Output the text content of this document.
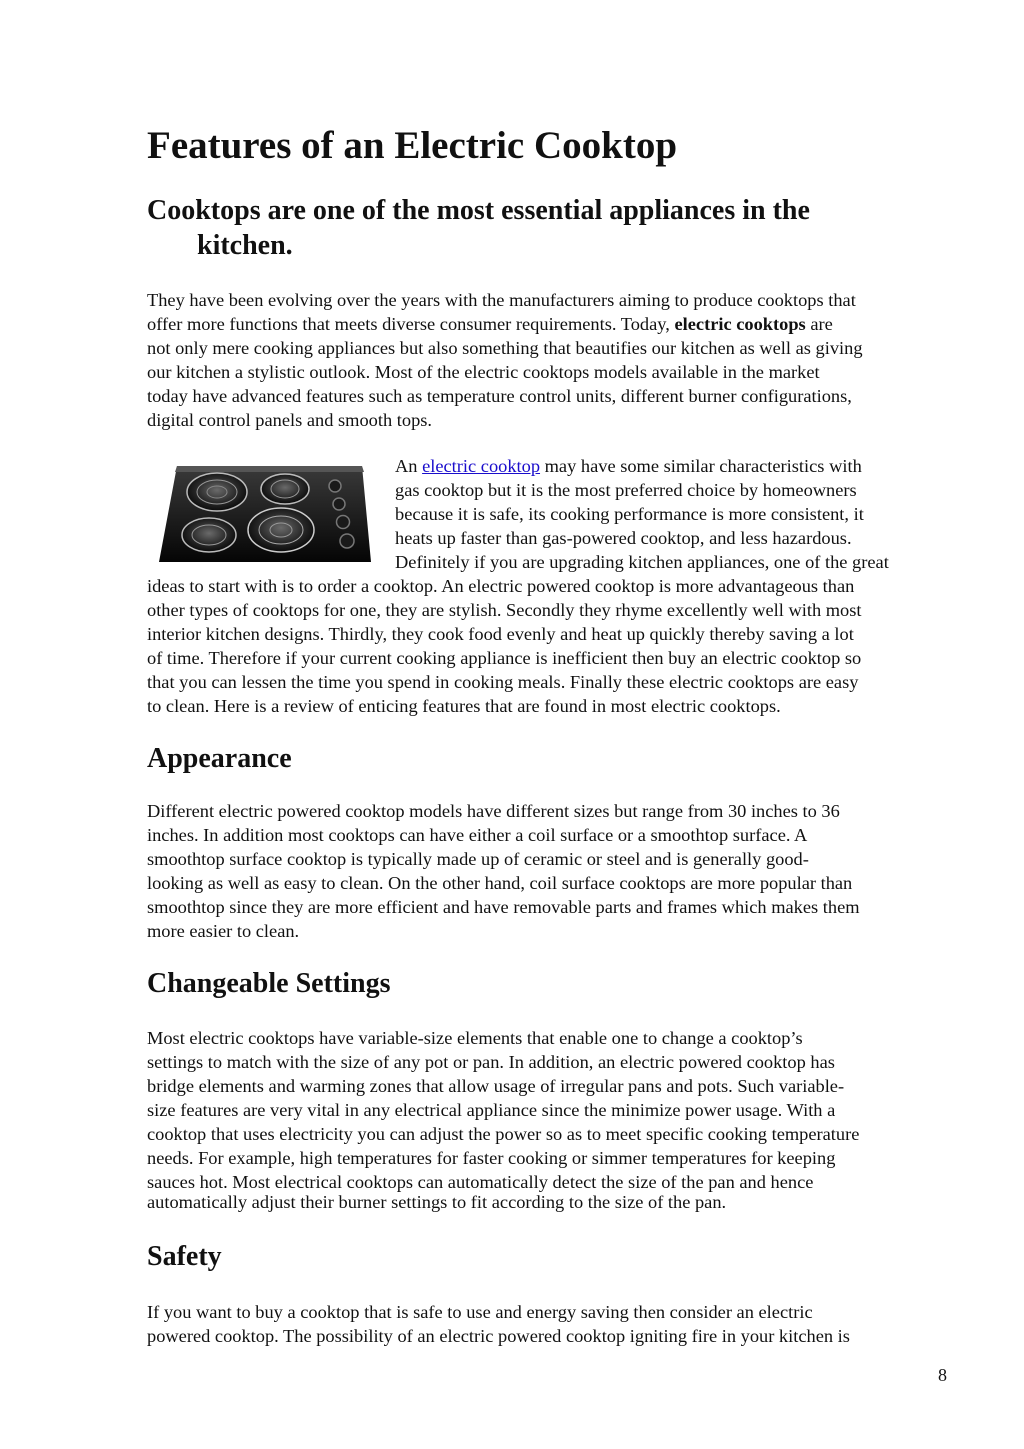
Features of an Electric Cooktop
Cooktops are one of the most essential appliances in the
kitchen.

They have been evolving over the years with the manufacturers aiming to produce cooktops that
offer more functions that meets diverse consumer requirements. Today, electric cooktops are
not only mere cooking appliances but also something that beautifies our kitchen as well as giving
our kitchen a stylistic outlook. Most of the electric cooktops models available in the market
today have advanced features such as temperature control units, different burner configurations,
digital control panels and smooth tops.

An electric cooktop may have some similar characteristics with
gas cooktop but it is the most preferred choice by homeowners
because it is safe, its cooking performance is more consistent, it
heats up faster than gas-powered cooktop, and less hazardous.
Definitely if you are upgrading kitchen appliances, one of the great

ideas to start with is to order a cooktop. An electric powered cooktop is more advantageous than
other types of cooktops for one, they are stylish. Secondly they rhyme excellently well with most
interior kitchen designs. Thirdly, they cook food evenly and heat up quickly thereby saving a lot
of time. Therefore if your current cooking appliance is inefficient then buy an electric cooktop so
that you can lessen the time you spend in cooking meals. Finally these electric cooktops are easy
to clean. Here is a review of enticing features that are found in most electric cooktops.

Appearance

Different electric powered cooktop models have different sizes but range from 30 inches to 36
inches. In addition most cooktops can have either a coil surface or a smoothtop surface. A
smoothtop surface cooktop is typically made up of ceramic or steel and is generally good-
looking as well as easy to clean. On the other hand, coil surface cooktops are more popular than
smoothtop since they are more efficient and have removable parts and frames which makes them
more easier to clean.

Changeable Settings

Most electric cooktops have variable-size elements that enable one to change a cooktop’s
settings to match with the size of any pot or pan. In addition, an electric powered cooktop has
bridge elements and warming zones that allow usage of irregular pans and pots. Such variable-
size features are very vital in any electrical appliance since the minimize power usage. With a
cooktop that uses electricity you can adjust the power so as to meet specific cooking temperature
needs. For example, high temperatures for faster cooking or simmer temperatures for keeping
sauces hot. Most electrical cooktops can automatically detect the size of the pan and hence
automatically adjust their burner settings to fit according to the size of the pan.

Safety

If you want to buy a cooktop that is safe to use and energy saving then consider an electric
powered cooktop. The possibility of an electric powered cooktop igniting fire in your kitchen is

8
